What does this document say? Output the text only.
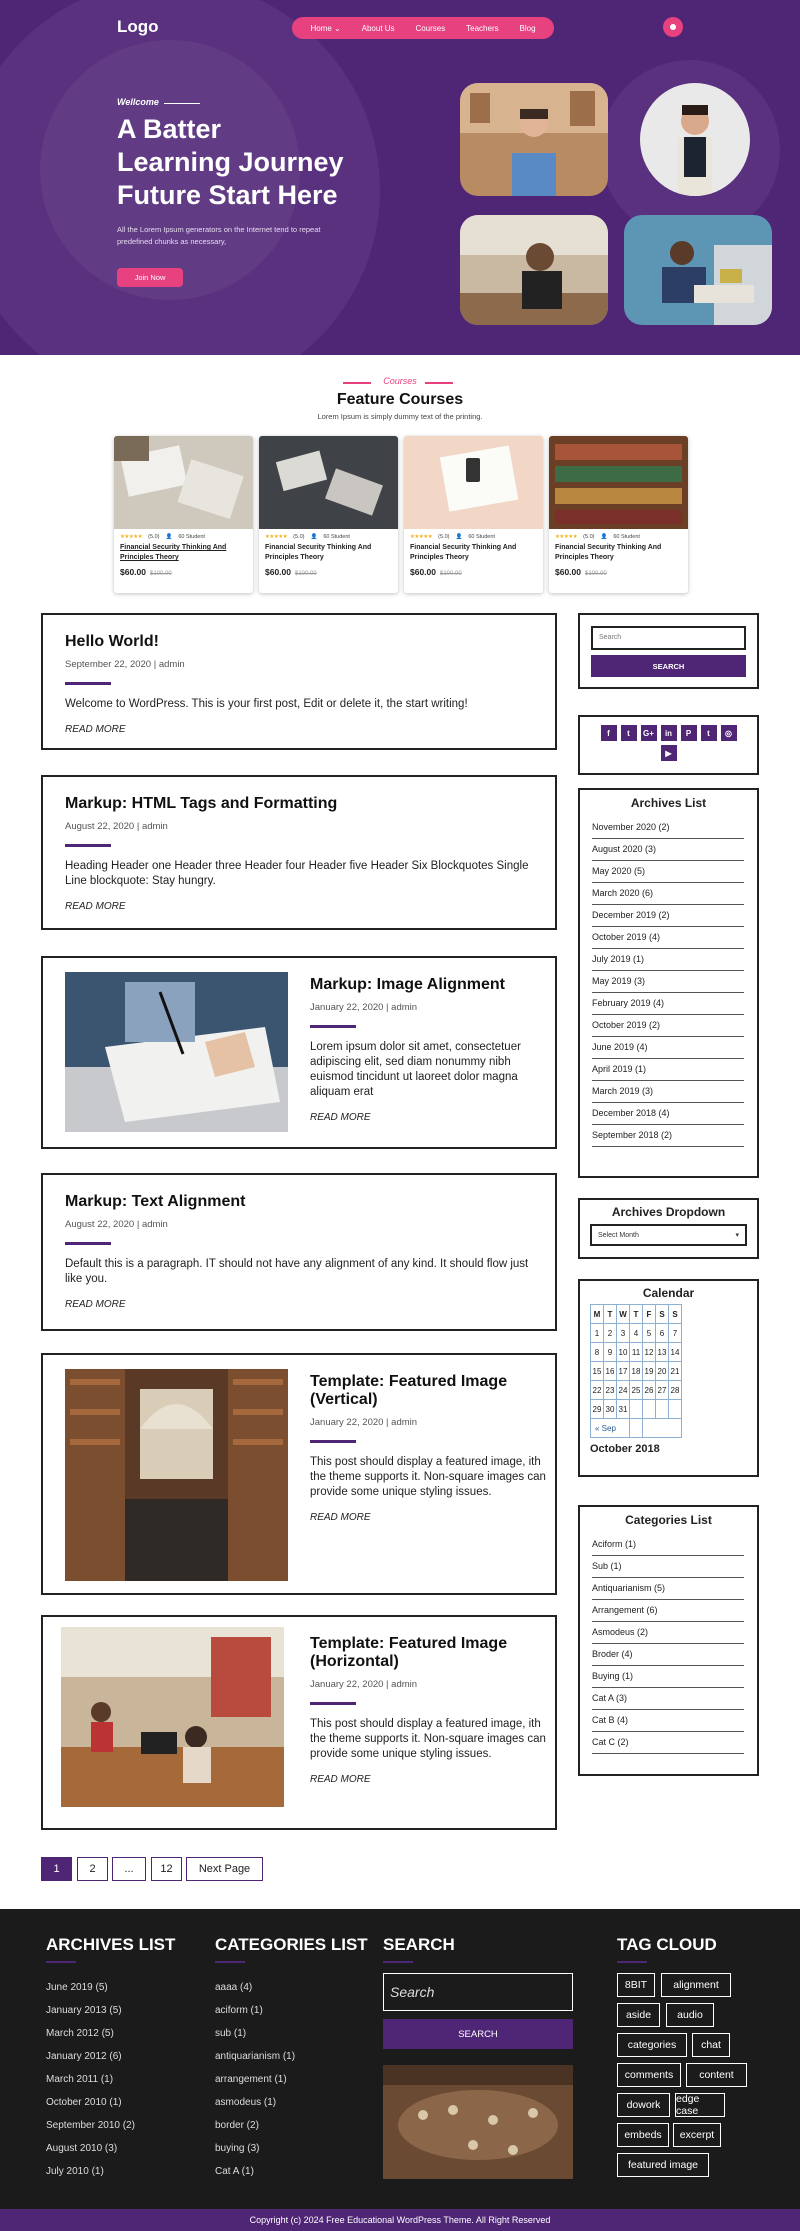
Logo	Home ⌄	About Us	Courses	Teachers	Blog
Wellcome
A Batter
Learning Journey
Future Start Here
All the Lorem Ipsum generators on the Internet tend to repeat predefined chunks as necessary,
Join Now
Courses
Feature Courses
Lorem Ipsum is simply dummy text of the printing.
★★★★★ (5.0) 👤 60 Student
Financial Security Thinking And
Principles Theory
$60.00 $100.00
★★★★★ (5.0) 👤 60 Student
Financial Security Thinking And
Principles Theory
$60.00 $100.00
★★★★★ (5.0) 👤 60 Student
Financial Security Thinking And
Principles Theory
$60.00 $100.00
★★★★★ (5.0) 👤 60 Student
Financial Security Thinking And
Principles Theory
$60.00 $100.00
Hello World!
September 22, 2020 | admin
Welcome to WordPress. This is your first post, Edit or delete it, the start writing!
READ MORE
Markup: HTML Tags and Formatting
August 22, 2020 | admin
Heading Header one Header three Header four Header five Header Six Blockquotes Single Line blockquote: Stay hungry.
READ MORE
Markup: Image Alignment
January 22, 2020 | admin
Lorem ipsum dolor sit amet, consectetuer adipiscing elit, sed diam nonummy nibh euismod tincidunt ut laoreet dolor magna aliquam erat
READ MORE
Markup: Text Alignment
August 22, 2020 | admin
Default this is a paragraph. IT should not have any alignment of any kind. It should flow just like you.
READ MORE
Template: Featured Image (Vertical)
January 22, 2020 | admin
This post should display a featured image, ith the theme supports it. Non-square images can provide some unique styling issues.
READ MORE
Template: Featured Image (Horizontal)
January 22, 2020 | admin
This post should display a featured image, ith the theme supports it. Non-square images can provide some unique styling issues.
READ MORE
1	2	...	12	Next Page
Search
SEARCH
f	t	G+	in	P	t	◎
▶
Archives List
November 2020 (2)
August 2020 (3)
May 2020 (5)
March 2020 (6)
December 2019 (2)
October 2019 (4)
July 2019 (1)
May 2019 (3)
February 2019 (4)
October 2019 (2)
June 2019 (4)
April 2019 (1)
March 2019 (3)
December 2018 (4)
September 2018 (2)
Archives Dropdown
Select Month	▾
Calendar
M	T	W	T	F	S	S
1	2	3	4	5	6	7
8	9	10	11	12	13	14
15	16	17	18	19	20	21
22	23	24	25	26	27	28
29	30	31				
« Sep						
October 2018
Categories List
Aciform (1)
Sub (1)
Antiquarianism (5)
Arrangement (6)
Asmodeus (2)
Broder (4)
Buying (1)
Cat A (3)
Cat B (4)
Cat C (2)
ARCHIVES LIST
June 2019 (5)
January 2013 (5)
March 2012 (5)
January 2012 (6)
March 2011 (1)
October 2010 (1)
September 2010 (2)
August 2010 (3)
July 2010 (1)
CATEGORIES LIST
aaaa (4)
aciform (1)
sub (1)
antiquarianism (1)
arrangement (1)
asmodeus (1)
border (2)
buying (3)
Cat A (1)
SEARCH
Search
SEARCH
TAG CLOUD
8BIT	alignment
aside	audio
categories	chat
comments	content
dowork	edge case
embeds	excerpt
featured image
Copyright (c) 2024 Free Educational WordPress Theme. All Right Reserved
